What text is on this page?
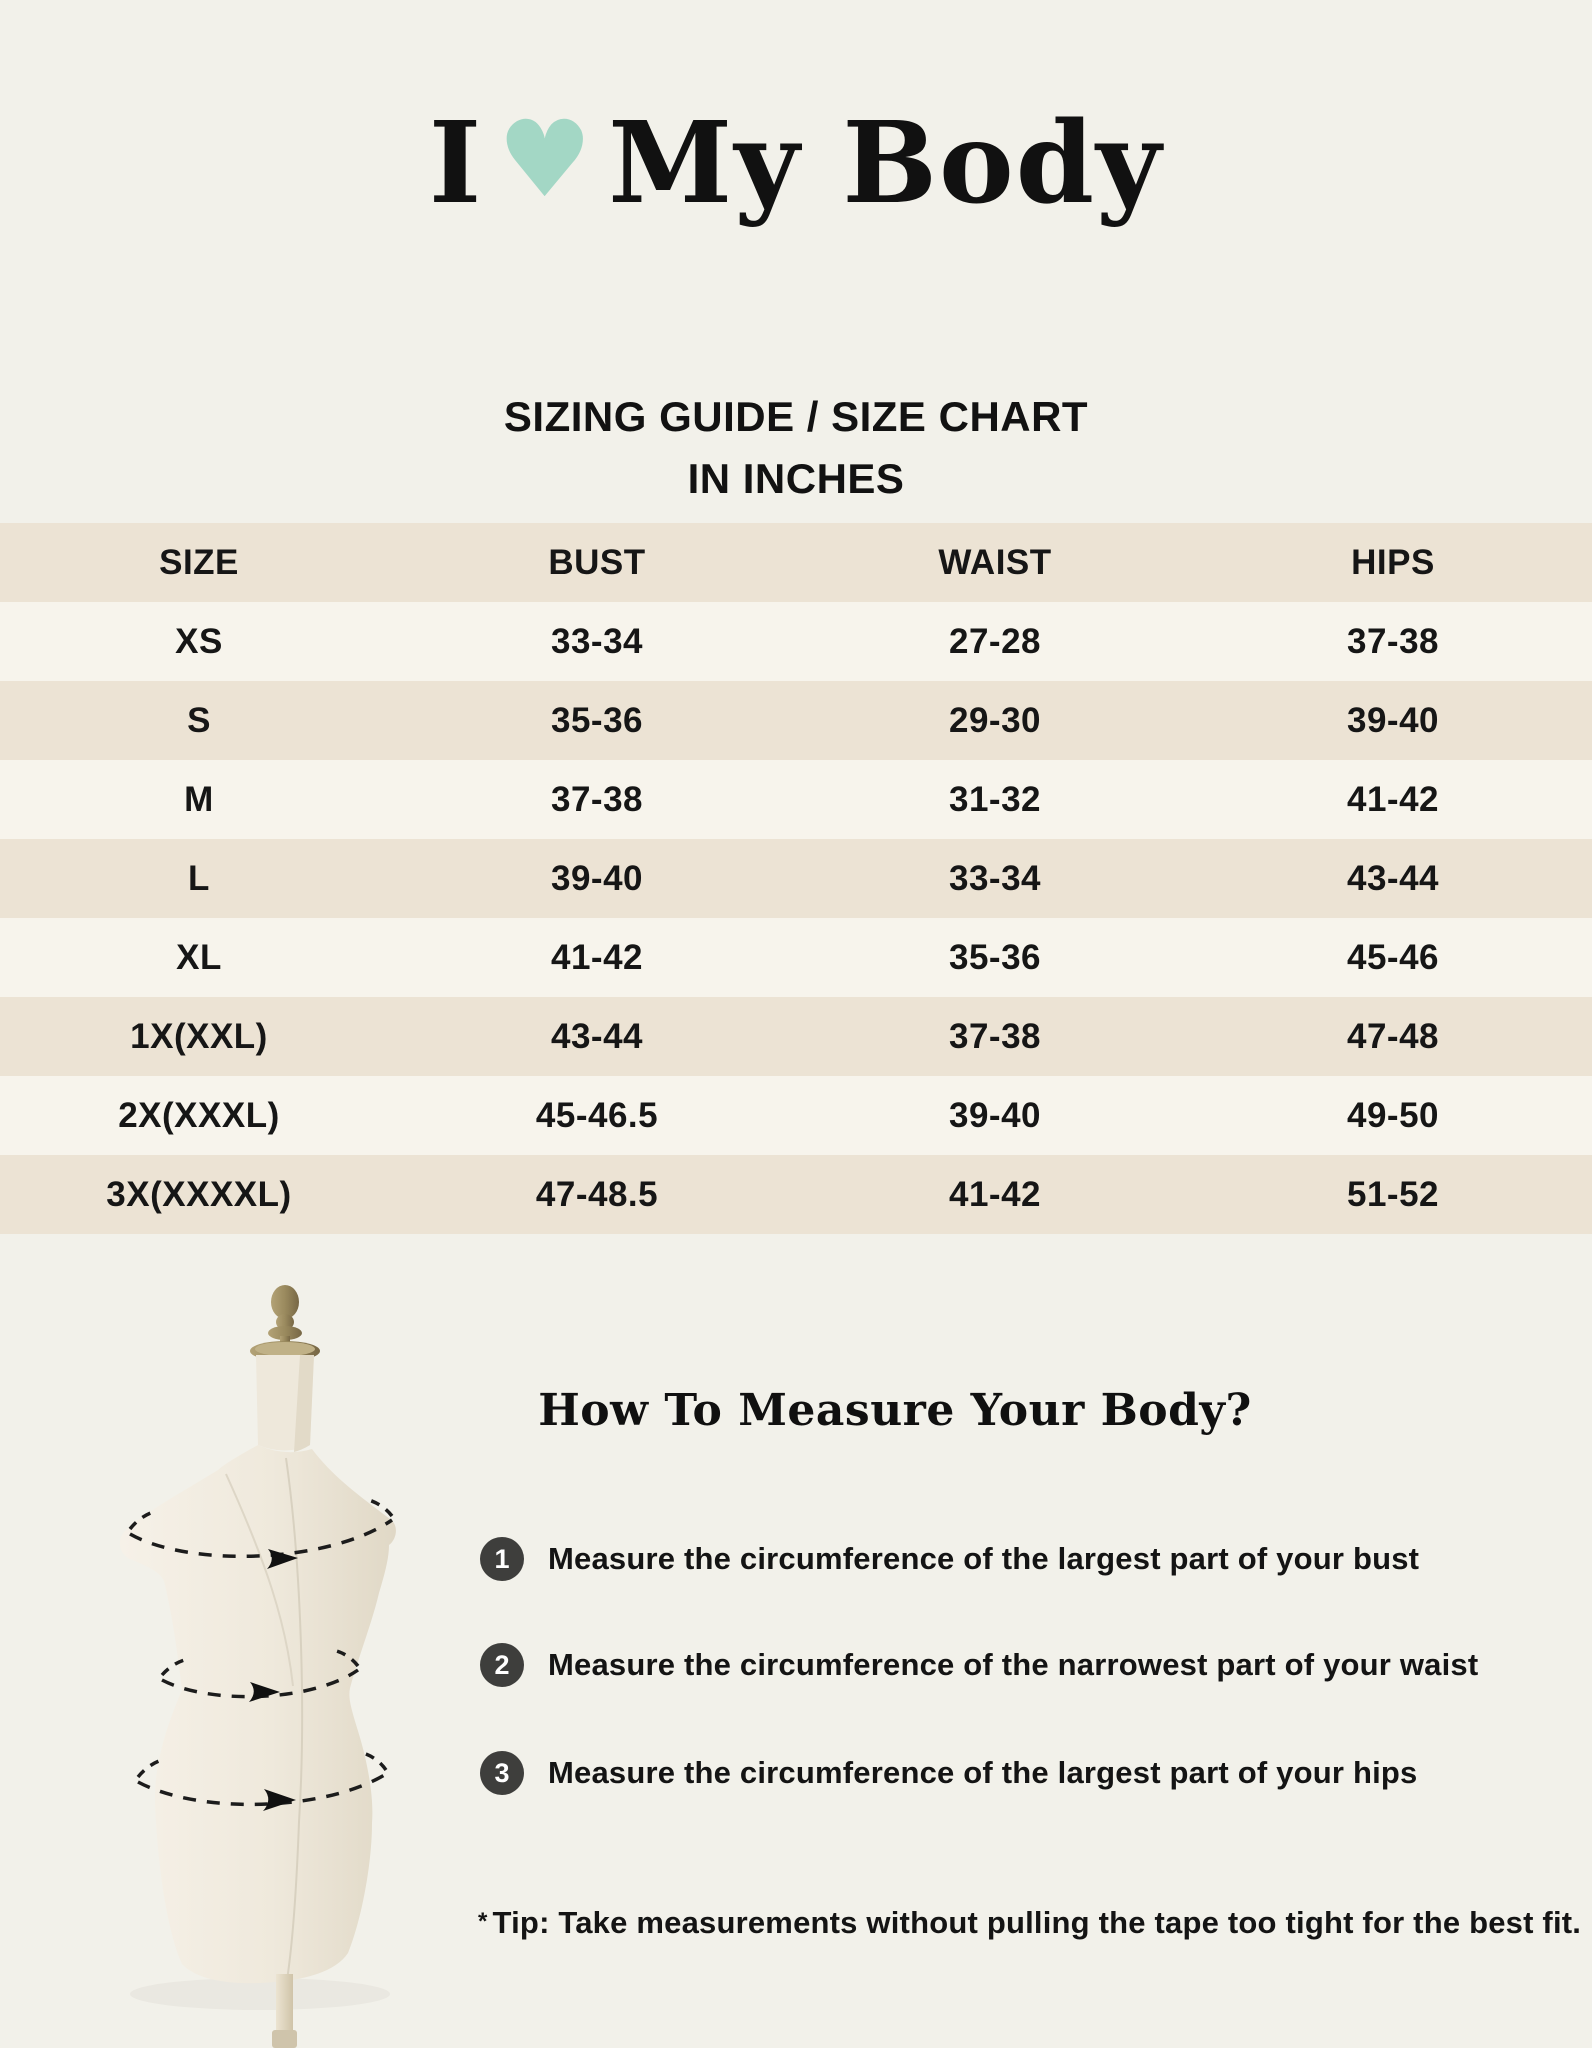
I ♥ My Body
SIZING GUIDE / SIZE CHART
IN INCHES
SIZE	BUST	WAIST	HIPS
XS	33-34	27-28	37-38
S	35-36	29-30	39-40
M	37-38	31-32	41-42
L	39-40	33-34	43-44
XL	41-42	35-36	45-46
1X(XXL)	43-44	37-38	47-48
2X(XXXL)	45-46.5	39-40	49-50
3X(XXXXL)	47-48.5	41-42	51-52
How To Measure Your Body?
1	Measure the circumference of the largest part of your bust
2	Measure the circumference of the narrowest part of your waist
3	Measure the circumference of the largest part of your hips
* Tip: Take measurements without pulling the tape too tight for the best fit.
